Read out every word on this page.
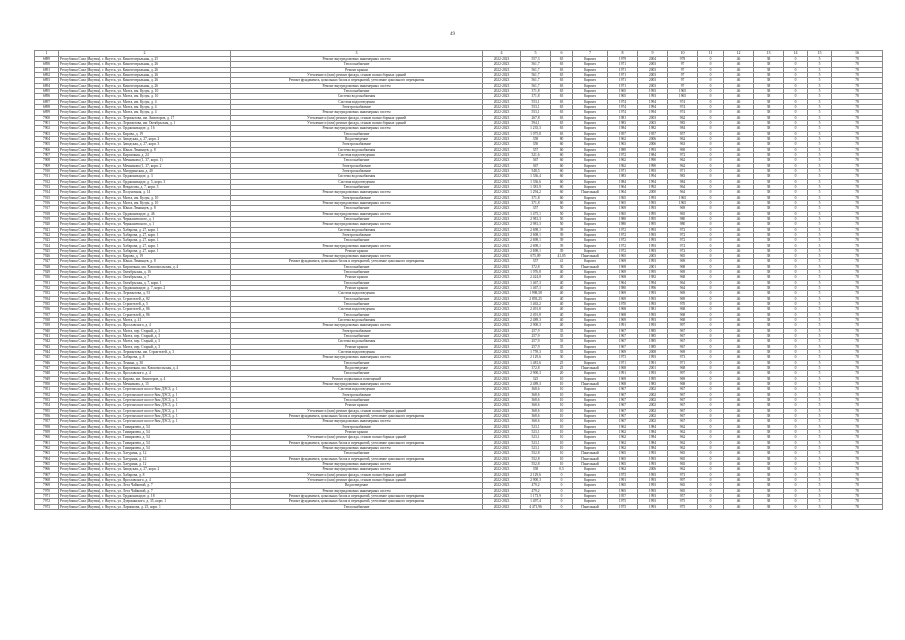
49
1	2	3	4	5	6	7	8	9	10	11	12	13	14	15	16
6889	Республика Саха (Якутия), г. Якутск, ул. Кинотеатральная, д. 25	Ремонт внутридомовых инженерных систем	2022-2023	557,3	65	Кирпич	1979	2004	978	0	46	38	0	5	78
6890	Республика Саха (Якутия), г. Якутск, ул. Кинотеатральная, д. 26	Теплоснабжение	2022-2023	561,7	65	Кирпич	1971	2003	97	0	46	38	0	5	78
6891	Республика Саха (Якутия), г. Якутск, ул. Кинотеатральная, д. 26	Ремонт крыши	2022-2023	561,7	65	Кирпич	1971	2003	97	0	46	38	0	5	78
6892	Республика Саха (Якутия), г. Якутск, ул. Кинотеатральная, д. 26	Утепление и (или) ремонт фасада, стыков полносборных зданий	2022-2023	561,7	65	Кирпич	1971	2003	97	0	46	38	0	5	78
6893	Республика Саха (Якутия), г. Якутск, ул. Кинотеатральная, д. 26	Ремонт фундамента, цокольных балок и перекрытий, утепление цокольного перекрытия	2022-2023	561,7	65	Кирпич	1971	2003	97	0	46	38	0	5	78
6894	Республика Саха (Якутия), г. Якутск, ул. Кинотеатральная, д. 26	Ремонт внутридомовых инженерных систем	2022-2023	561,7	65	Кирпич	1971	2003	97	0	46	38	0	5	78
6895	Республика Саха (Якутия), г. Якутск, ул. Матта, им. Кулун, д. 10	Теплоснабжение	2022-2023	371,8	65	Кирпич	1965	1993	1965	0	46	38	0	5	78
6896	Республика Саха (Якутия), г. Якутск, ул. Матта, им. Кулун, д. 10	Система водоснабжения	2022-2023	371,8	65	Кирпич	1965	1993	1965	0	46	38	0	5	78
6897	Республика Саха (Якутия), г. Якутск, ул. Матта, им. Кулун, д. 4	Система водоотведения	2022-2023	553,1	65	Кирпич	1974	1994	974	0	46	38	0	5	78
6898	Республика Саха (Якутия), г. Якутск, ул. Матта, им. Кулун, д. 4	Электроснабжение	2022-2023	553,1	65	Кирпич	1974	1994	974	0	46	38	0	5	78
6899	Республика Саха (Якутия), г. Якутск, ул. Матта, им. Кулун, д. 4	Ремонт внутридомовых инженерных систем	2022-2023	553,1	65	Кирпич	1974	1994	974	0	46	38	0	5	78
7900	Республика Саха (Якутия), г. Якутск, ул. Лермонтова, им. Авиаторов, д. 17	Утепление и (или) ремонт фасада, стыков полносборных зданий	2022-2023	267,8	65	Кирпич	1981	2003	962	0	46	38	0	5	78
7901	Республика Саха (Якутия), г. Якутск, ул. Лермонтова, им. Октябрьская, д. 1	Утепление и (или) ремонт фасада, стыков полносборных зданий	2022-2023	594,1	65	Кирпич	1983	2003	983	0	46	38	0	5	78
7902	Республика Саха (Якутия), г. Якутск, ул. Орджоникидзе, д. 16	Ремонт внутридомовых инженерных систем	2022-2023	1 235,3	65	Кирпич	1984	1982	984	0	46	38	0	5	78
7903	Республика Саха (Якутия), г. Якутск, ул. Кирова, д. 19	Теплоснабжение	2022-2023	1 075,8	65	Кирпич	1957	1957	957	0	46	38	0	5	78
7904	Республика Саха (Якутия), г. Якутск, ул. Заводская, д. 27, корп. 2	Водоотведение	2022-2023	358	80	Кирпич	1962	2006	962	0	46	38	0	5	78
7905	Республика Саха (Якутия), г. Якутск, ул. Заводская, д. 27, корп. 3	Электроснабжение	2022-2023	350	60	Кирпич	1963	2006	963	0	46	38	0	5	78
7906	Республика Саха (Якутия), г. Якутск, ул. Юных Ленинцев, д. 8	Система водоснабжения	2022-2023	357	60	Кирпич	1989	1993	969	0	46	38	0	5	78
7907	Республика Саха (Якутия), г. Якутск, ул. Кирпичная, д. 24	Система водоотведения	2022-2023	521,6	60	Кирпич	1972	1984	972	0	46	38	0	5	78
7908	Республика Саха (Якутия), г. Якутск, ул. Мечникова (1, 37, корп. 1)	Теплоснабжение	2022-2023	367	60	Кирпич	1962	1990	962	0	46	38	0	5	78
7909	Республика Саха (Якутия), г. Якутск, ул. Мечникова (1, 37, корп. 2	Электроснабжение	2022-2023	367	60	Кирпич	1962	1990	962	0	46	38	0	5	78
7910	Республика Саха (Якутия), г. Якутск, ул. Мичуринская, д. 40	Электроснабжение	2022-2023	548,5	60	Кирпич	1971	1993	971	0	46	38	0	5	78
7911	Республика Саха (Якутия), г. Якутск, ул. Орджоникидзе, д. 3	Система водоснабжения	2022-2023	1 336,4	60	Кирпич	1983	1994	983	0	46	38	0	5	78
7912	Республика Саха (Якутия), г. Якутск, ул. Орджоникидзе, д. 5, корп. 3	Система водоотведения	2022-2023	1 336,6	60	Кирпич	1984	1994	984	0	46	38	0	5	78
7913	Республика Саха (Якутия), г. Якутск, ул. Некрасова, д. 7, корп. 3	Теплоснабжение	2022-2023	1 381,9	60	Кирпич	1964	1992	964	0	46	38	0	5	78
7914	Республика Саха (Якутия), г. Якутск, ул. Полуночная, д. 14	Ремонт внутридомовых инженерных систем	2022-2023	1 294,2	60	Панельный	1964	2000	964	0	46	38	0	5	78
7915	Республика Саха (Якутия), г. Якутск, ул. Матта, им. Кулун, д. 10	Электроснабжение	2022-2023	371,8	60	Кирпич	1965	1993	1965	0	46	38	0	5	78
7916	Республика Саха (Якутия), г. Якутск, ул. Матта, им. Кулун, д. 10	Ремонт внутридомовых инженерных систем	2022-2023	371,8	60	Кирпич	1965	1993	1965	0	46	38	0	5	78
7917	Республика Саха (Якутия), г. Якутск, ул. Юных Ленинцев, д. 8	Теплоснабжение	2022-2023	357	50	Кирпич	1969	1993	969	0	46	38	0	5	78
7918	Республика Саха (Якутия), г. Якутск, ул. Орджоникидзе, д. 46	Ремонт внутридомовых инженерных систем	2022-2023	1 475,1	50	Кирпич	1965	1995	965	0	46	38	0	5	78
7919	Республика Саха (Якутия), г. Якутск, ул. Чернышевского, д. 1	Теплоснабжение	2022-2023	2 981,3	50	Кирпич	1980	1995	980	0	46	38	0	5	78
7920	Республика Саха (Якутия), г. Якутск, ул. Чернышевского, д. 1	Ремонт внутридомовых инженерных систем	2022-2023	2 981,3	50	Кирпич	1980	1995	980	0	46	38	0	5	78
7921	Республика Саха (Якутия), г. Якутск, ул. Хабарова, д. 27, корп. 1	Система водоснабжения	2022-2023	2 698,1	39	Кирпич	1972	1993	972	0	46	38	0	5	78
7922	Республика Саха (Якутия), г. Якутск, ул. Хабарова, д. 27, корп. 1	Электроснабжение	2022-2023	2 698,1	39	Кирпич	1972	1993	972	0	46	38	0	5	78
7923	Республика Саха (Якутия), г. Якутск, ул. Хабарова, д. 27, корп. 1	Теплоснабжение	2022-2023	2 698,1	39	Кирпич	1972	1993	972	0	46	38	0	5	78
7924	Республика Саха (Якутия), г. Якутск, ул. Хабарова, д. 27, корп. 1	Ремонт внутридомовых инженерных систем	2022-2023	2 698,1	39	Кирпич	1972	1993	972	0	46	38	0	5	78
7925	Республика Саха (Якутия), г. Якутск, ул. Хабарова, д. 27, корп. 1	Ремонт крыши	2022-2023	2 698,1	39	Кирпич	1972	1993	972	0	46	38	0	5	78
7926	Республика Саха (Якутия), г. Якутск, ул. Кирова, д. 19	Ремонт внутридомовых инженерных систем	2022-2023	675,09	41,05	Панельный	1965	2003	965	0	46	38	0	5	78
7927	Республика Саха (Якутия), г. Якутск, ул. Юных Ленинцев, д. 8	Ремонт фундамента, цокольных балок и перекрытий, утепление цокольного перекрытия	2022-2023	357	41	Кирпич	1969	1993	969	0	46	38	0	5	78
7928	Республика Саха (Якутия), г. Якутск, ул. Кирпичная, им. Комсомольская, д. 4	Теплоснабжение	2022-2023	372,8	30	Панельный	1968	2001	968	0	46	38	0	5	78
7929	Республика Саха (Якутия), г. Якутск, ул. Октябрьская, д. 16	Теплоснабжение	2022-2023	1 076,8	40	Кирпич	1969	1995	969	0	46	38	0	5	78
7930	Республика Саха (Якутия), г. Якутск, ул. Октябрьская, д. 7	Ремонт крыши	2022-2023	2 424,8	40	Кирпич	1968	1982	968	0	46	38	0	5	78
7931	Республика Саха (Якутия), г. Якутск, ул. Октябрьская, д. 7, корп. 1	Теплоснабжение	2022-2023	1 467,3	40	Кирпич	1964	1994	964	0	46	38	0	5	78
7932	Республика Саха (Якутия), г. Якутск, ул. Орджоникидзе, д. 7, корп. 2	Ремонт крыши	2022-2023	1 467,3	40	Кирпич	1980	1996	964	0	46	38	0	5	78
7933	Республика Саха (Якутия), г. Якутск, ул. Лермонтова, д. 53	Система водоотведения	2022-2023	1 998,58	40	Кирпич	1969	1993	969	0	46	38	0	5	78
7934	Республика Саха (Якутия), г. Якутск, ул. Строителей, д. 82	Теплоснабжение	2022-2023	2 893,25	40	Кирпич	1969	1993	969	0	46	38	0	5	78
7935	Республика Саха (Якутия), г. Якутск, ул. Строителей, д. 5	Теплоснабжение	2022-2023	1 463,2	40	Кирпич	1970	1993	970	0	46	38	0	5	78
7936	Республика Саха (Якутия), г. Якутск, ул. Строителей, д. 86	Система водоотведения	2022-2023	2 491,8	40	Кирпич	1968	1981	968	0	46	38	0	5	78
7937	Республика Саха (Якутия), г. Якутск, ул. Строителей, д. 86	Теплоснабжение	2022-2023	2 491,8	40	Кирпич	1968	1993	968	0	46	38	0	5	78
7938	Республика Саха (Якутия), г. Якутск, ул. Матта, д. 41	Система водоснабжения	2022-2023	2 489,3	40	Кирпич	1969	1993	968	0	46	38	0	5	78
7939	Республика Саха (Якутия), г. Якутск, ул. Ярославского, д. 4	Ремонт внутридомовых инженерных систем	2022-2023	2 900,3	40	Кирпич	1991	1993	997	0	46	38	0	5	78
7940	Республика Саха (Якутия), г. Якутск, ул. Матта, пер. Старый, д. 3	Электроснабжение	2022-2023	257,9	35	Кирпич	1967	1985	967	0	46	38	0	5	78
7941	Республика Саха (Якутия), г. Якутск, ул. Матта, пер. Старый, д. 3	Теплоснабжение	2022-2023	257,9	35	Кирпич	1967	1985	967	0	46	38	0	5	78
7942	Республика Саха (Якутия), г. Якутск, ул. Матта, пер. Старый, д. 3	Система водоснабжения	2022-2023	257,9	35	Кирпич	1967	1985	967	0	46	38	0	5	78
7943	Республика Саха (Якутия), г. Якутск, ул. Матта, пер. Старый, д. 3	Ремонт крыши	2022-2023	257,9	35	Кирпич	1967	1985	967	0	46	38	0	5	78
7944	Республика Саха (Якутия), г. Якутск, ул. Лермонтова, им. Строителей, д. 3	Система водоотведения	2022-2023	1 759,3	35	Кирпич	1969	2008	969	0	46	38	0	5	78
7945	Республика Саха (Якутия), г. Якутск, ул. Хабарова, д. 8	Ремонт внутридомовых инженерных систем	2022-2023	2 129,6	30	Кирпич	1973	1993	973	0	46	38	0	5	78
7946	Республика Саха (Якутия), г. Якутск, ул. Ленина, д. 30	Теплоснабжение	2022-2023	1 481,6	25	Кирпич	1971	1991	971	0	46	38	0	5	78
7947	Республика Саха (Якутия), г. Якутск, ул. Кирпичная, им. Комсомольская, д. 4	Водоотведение	2022-2023	372,8	25	Панельный	1968	2001	968	0	46	38	0	5	78
7948	Республика Саха (Якутия), г. Якутск, ул. Ярославского, д. 4	Теплоснабжение	2022-2023	2 900,3	20	Кирпич	1991	1993	997	0	46	38	0	5	78
7949	Республика Саха (Якутия), г. Якутск, ул. Кирова, им. Авиаторов, д. 4	Ремонт подвальных помещений	2022-2023	325	10	Кирпич	1969	1995	969	0	46	38	0	5	78
7950	Республика Саха (Якутия), г. Якутск, ул. Мечникова, д. 15	Ремонт внутридомовых инженерных систем	2022-2023	2 489,3	10	Панельный	1968	1983	968	0	46	38	0	5	78
7951	Республика Саха (Якутия), г. Якутск, ул. Сергеляхское шоссе 8км ДЭСЗ, д. 1	Система водоотведения	2022-2023	368,6	10	Кирпич	1967	2002	967	0	46	38	0	5	78
7952	Республика Саха (Якутия), г. Якутск, ул. Сергеляхское шоссе 8км ДЭСЗ, д. 1	Электроснабжение	2022-2023	368,6	10	Кирпич	1967	2002	967	0	46	38	0	5	78
7953	Республика Саха (Якутия), г. Якутск, ул. Сергеляхское шоссе 8км ДЭСЗ, д. 1	Теплоснабжение	2022-2023	368,6	10	Кирпич	1967	2002	967	0	46	38	0	5	78
7954	Республика Саха (Якутия), г. Якутск, ул. Сергеляхское шоссе 8км ДЭСЗ, д. 1	Ремонт крыши	2022-2023	368,6	10	Кирпич	1967	2002	967	0	46	38	0	5	78
7955	Республика Саха (Якутия), г. Якутск, ул. Сергеляхское шоссе 8км ДЭСЗ, д. 1	Утепление и (или) ремонт фасада, стыков полносборных зданий	2022-2023	368,6	10	Кирпич	1967	2002	967	0	46	38	0	5	78
7956	Республика Саха (Якутия), г. Якутск, ул. Сергеляхское шоссе 8км ДЭСЗ, д. 1	Ремонт фундамента, цокольных балок и перекрытий, утепление цокольного перекрытия	2022-2023	368,6	10	Кирпич	1967	2002	967	0	46	38	0	5	78
7957	Республика Саха (Якутия), г. Якутск, ул. Сергеляхское шоссе 8км ДЭСЗ, д. 1	Ремонт внутридомовых инженерных систем	2022-2023	368,6	10	Кирпич	1967	2002	967	0	46	38	0	5	78
7958	Республика Саха (Якутия), г. Якутск, ул. Тимирязева, д. 54	Электроснабжение	2022-2023	523,1	10	Кирпич	1962	1984	962	0	46	38	0	5	78
7959	Республика Саха (Якутия), г. Якутск, ул. Тимирязева, д. 54	Ремонт крыши	2022-2023	523,1	10	Кирпич	1962	1984	962	0	46	38	0	5	78
7960	Республика Саха (Якутия), г. Якутск, ул. Тимирязева, д. 54	Утепление и (или) ремонт фасада, стыков полносборных зданий	2022-2023	523,1	10	Кирпич	1962	1984	962	0	46	38	0	5	78
7961	Республика Саха (Якутия), г. Якутск, ул. Тимирязева, д. 54	Ремонт фундамента, цокольных балок и перекрытий, утепление цокольного перекрытия	2022-2023	523,1	10	Кирпич	1962	1984	962	0	46	38	0	5	78
7962	Республика Саха (Якутия), г. Якутск, ул. Тимирязева, д. 54	Ремонт внутридомовых инженерных систем	2022-2023	523,1	10	Кирпич	1962	1984	962	0	46	38	0	5	78
7963	Республика Саха (Якутия), г. Якутск, ул. Хатурина, д. 12	Теплоснабжение	2022-2023	552,8	10	Панельный	1965	1993	965	0	46	38	0	5	78
7964	Республика Саха (Якутия), г. Якутск, ул. Хатурина, д. 12	Ремонт фундамента, цокольных балок и перекрытий, утепление цокольного перекрытия	2022-2023	552,8	10	Панельный	1965	1993	965	0	46	38	0	5	78
7965	Республика Саха (Якутия), г. Якутск, ул. Хатурина, д. 12	Ремонт внутридомовых инженерных систем	2022-2023	552,8	10	Панельный	1965	1993	965	0	46	38	0	5	78
7966	Республика Саха (Якутия), г. Якутск, ул. Заводская, д. 27, корп. 2	Ремонт внутридомовых инженерных систем	2022-2023	358	0,5	Кирпич	1962	2006	962	0	46	38	0	5	78
7967	Республика Саха (Якутия), г. Якутск, ул. Хабарова, д. 8	Утепление и (или) ремонт фасада, стыков полносборных зданий	2022-2023	2 129,6	0	Кирпич	1973	1993	973	0	46	38	0	5	78
7968	Республика Саха (Якутия), г. Якутск, ул. Ярославского, д. 4	Утепление и (или) ремонт фасада, стыков полносборных зданий	2022-2023	2 900,3	0	Кирпич	1991	1993	997	0	46	38	0	5	78
7969	Республика Саха (Якутия), г. Якутск, ул. Лета Чайковой, д. 7	Водоотведение	2022-2023	479,2	0	Кирпич	1965	1993	965	0	46	38	0	5	78
7970	Республика Саха (Якутия), г. Якутск, ул. Лета Чайковой, д. 7	Ремонт внутридомовых инженерных систем	2022-2023	479,2	0	Кирпич	1965	1993	965	0	46	38	0	5	78
7971	Республика Саха (Якутия), г. Якутск, ул. Орджоникидзе, д. 18	Ремонт фундамента, цокольных балок и перекрытий, утепление цокольного перекрытия	2022-2023	1 173,9	0	Кирпич	1957	1993	957	0	46	38	0	5	78
7972	Республика Саха (Якутия), г. Якутск, ул. Дзержинского, д. 35, корп. 1	Ремонт фундамента, цокольных балок и перекрытий, утепление цокольного перекрытия	2022-2023	1 497,4	0	Кирпич	1975	1993	975	0	46	38	0	5	78
7973	Республика Саха (Якутия), г. Якутск, ул. Ларионова, д. 25, корп. 1	Теплоснабжение	2022-2023	4 471,96	0	Панельный	1975	1993	975	0	46	38	0	5	78
